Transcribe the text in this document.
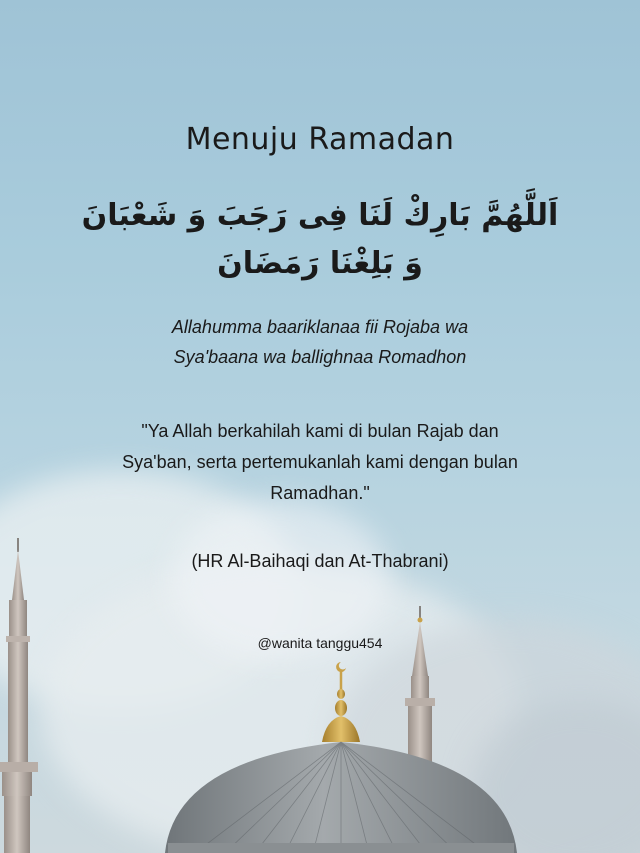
Menuju Ramadan
اَللَّهُمَّ بَارِكْ لَنَا فِى رَجَبَ وَ شَعْبَانَ
وَ بَلِغْنَا رَمَضَانَ
Allahumma baariklanaa fii Rojaba wa
Sya'baana wa ballighnaa Romadhon
"Ya Allah berkahilah kami di bulan Rajab dan
Sya'ban, serta pertemukanlah kami dengan bulan
Ramadhan."
(HR Al-Baihaqi dan At-Thabrani)
@wanita tanggu454
